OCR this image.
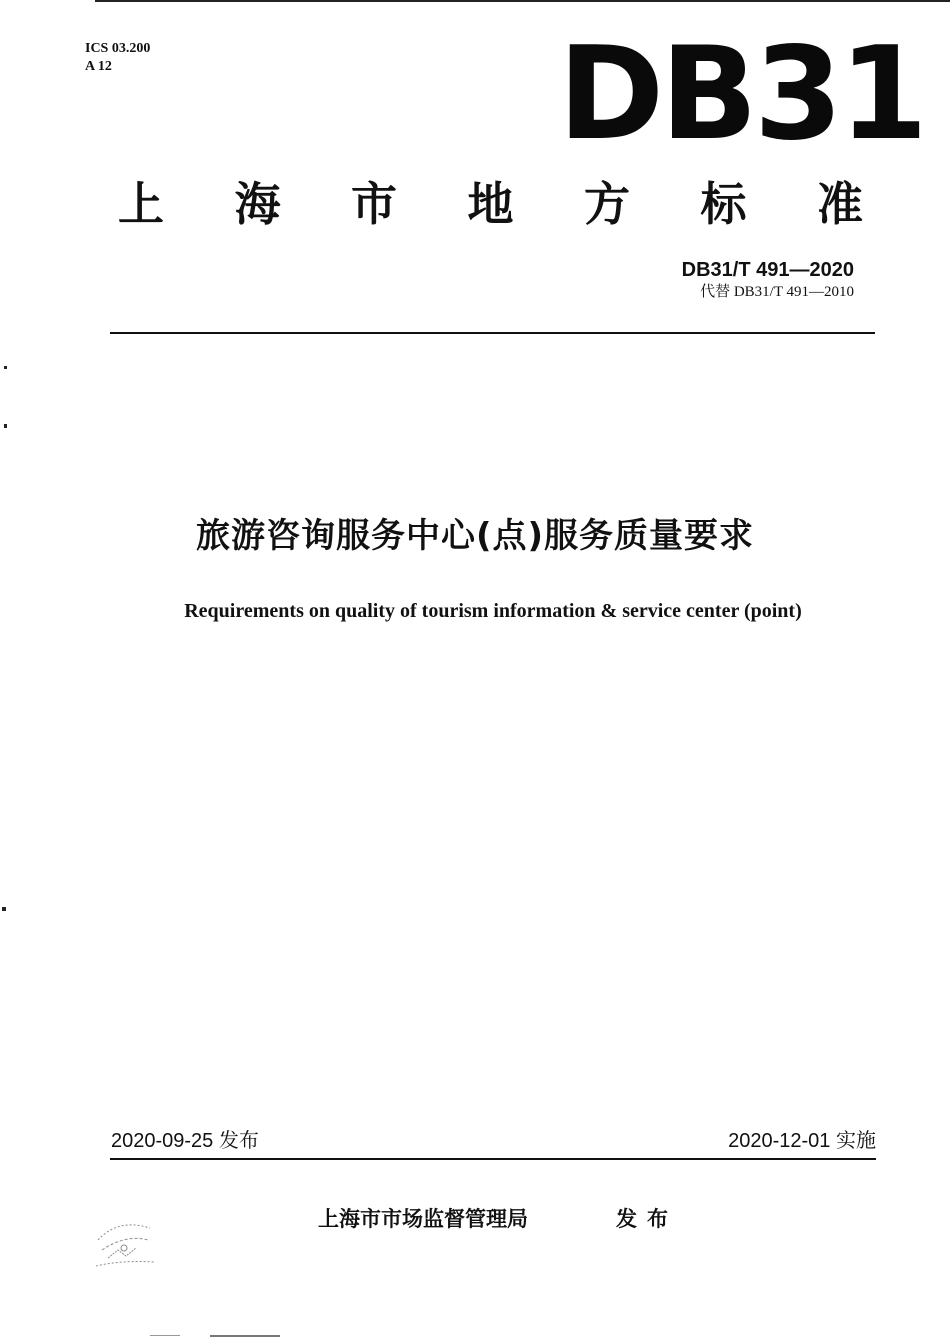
ICS 03.200
A 12	DB31
上 海 市 地 方 标 准
DB31/T 491—2020
代替 DB31/T 491—2010
旅游咨询服务中心(点)服务质量要求
Requirements on quality of tourism information & service center (point)
2020-09-25 发布	2020-12-01 实施
上海市市场监督管理局	发布
